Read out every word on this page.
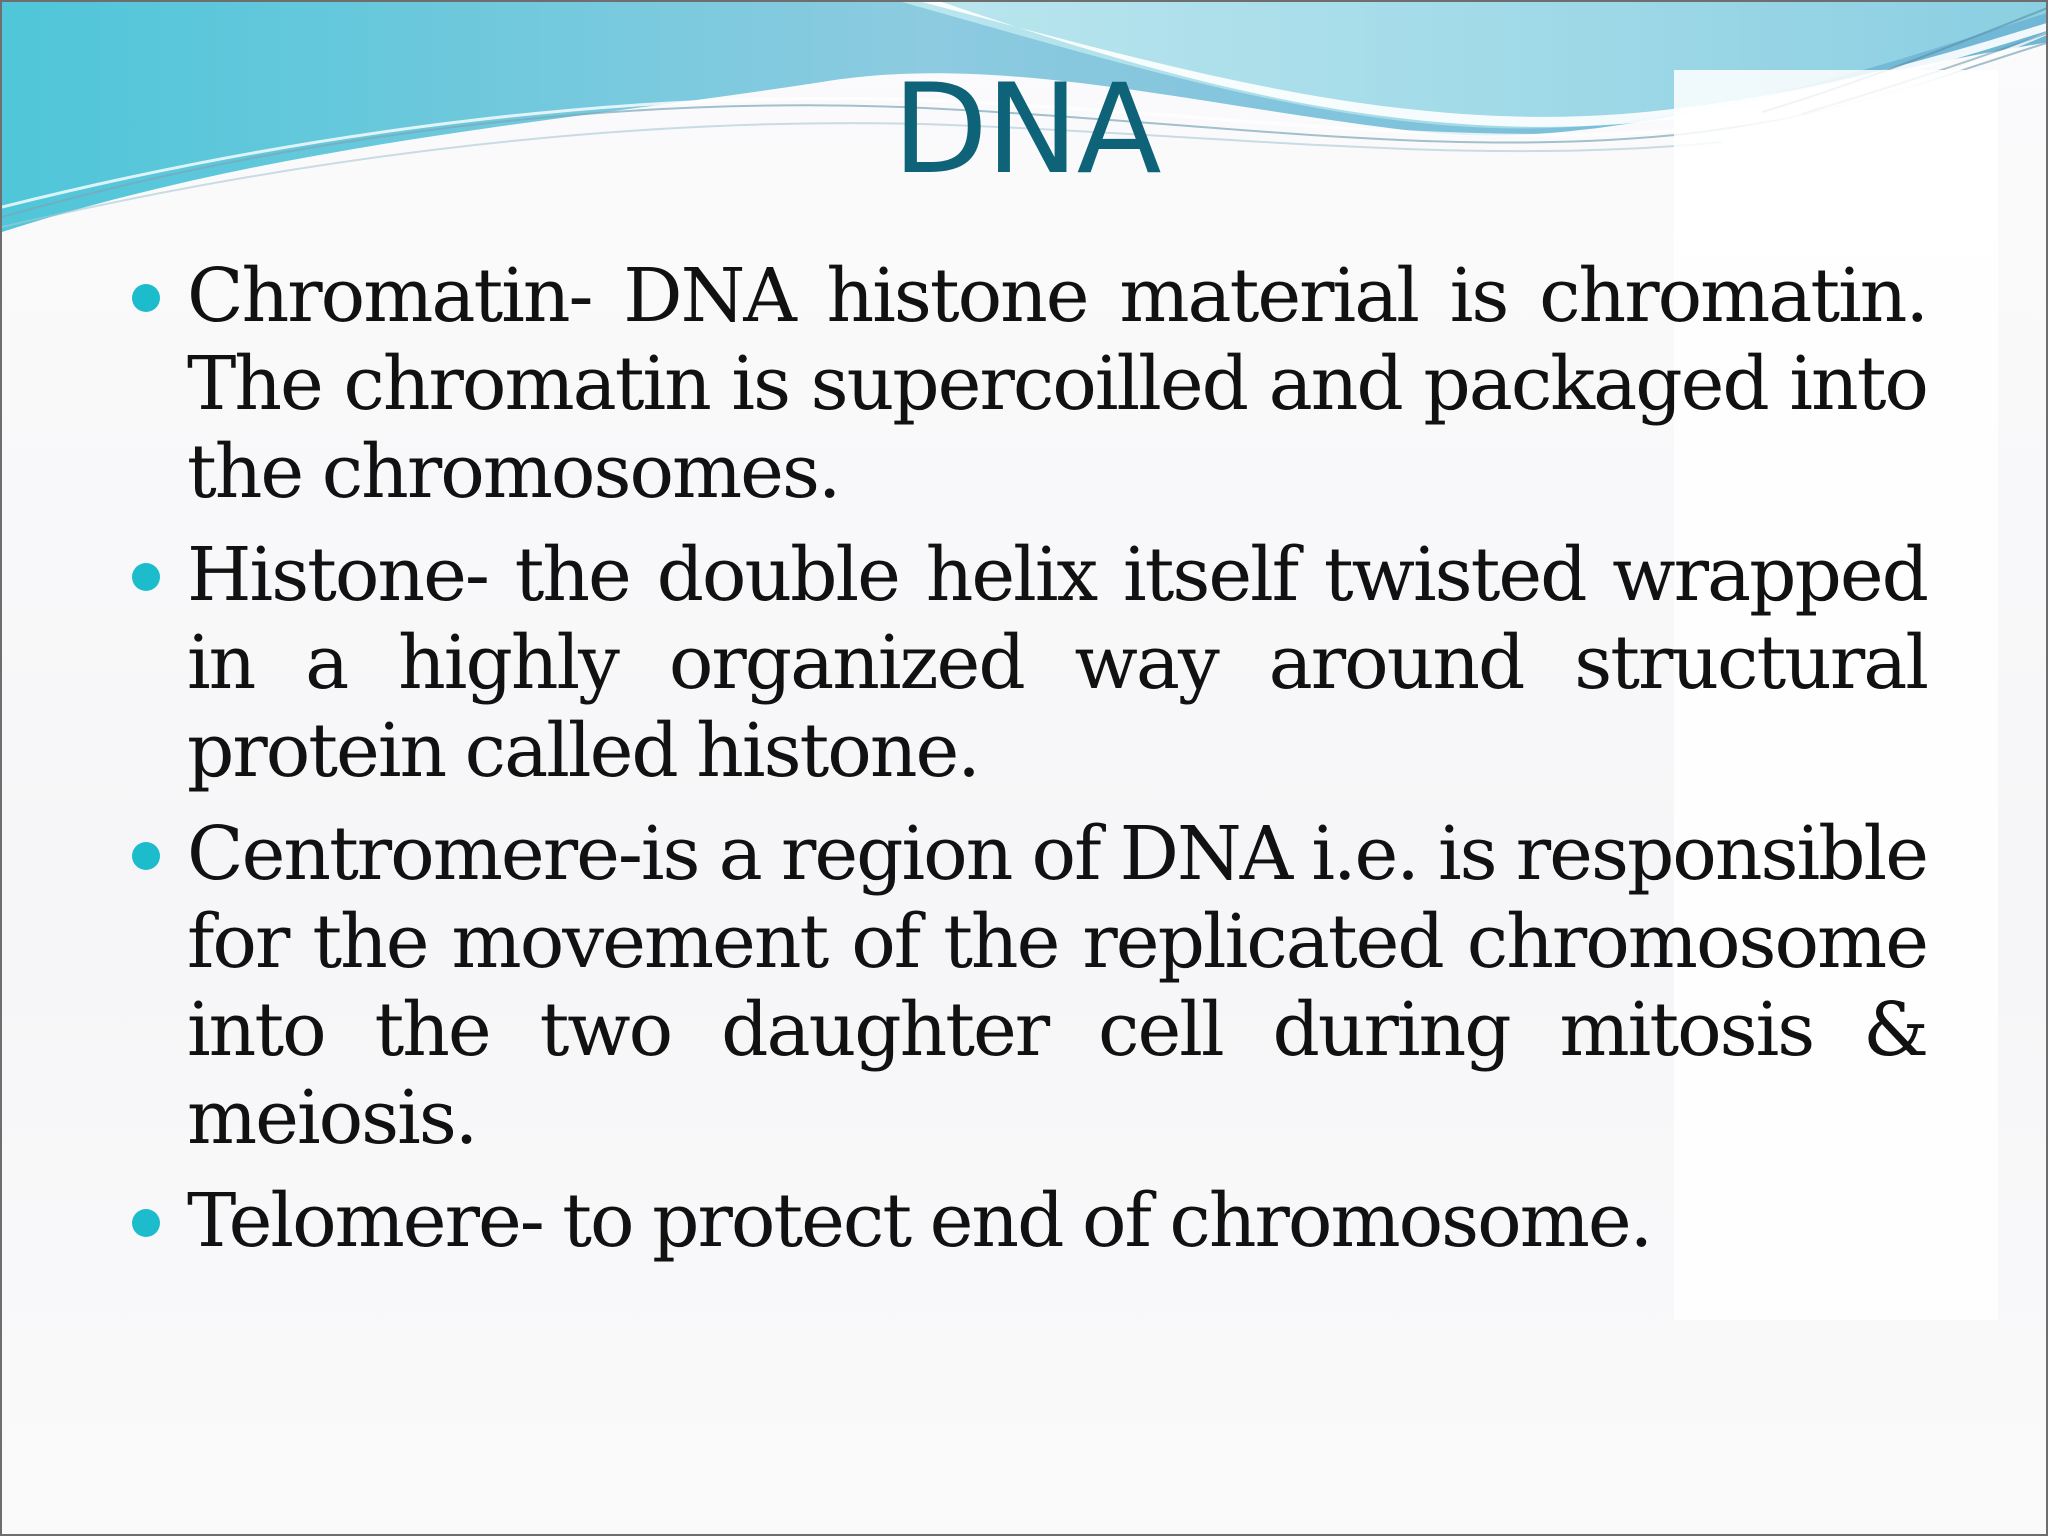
DNA
Chromatin- DNA histone material is chromatin. The chromatin is supercoilled and packaged into the chromosomes.
Histone- the double helix itself twisted wrapped in a highly organized way around structural protein called histone.
Centromere-is a region of DNA i.e. is responsible for the movement of the replicated chromosome into the two daughter cell during mitosis & meiosis.
Telomere- to protect end of chromosome.
